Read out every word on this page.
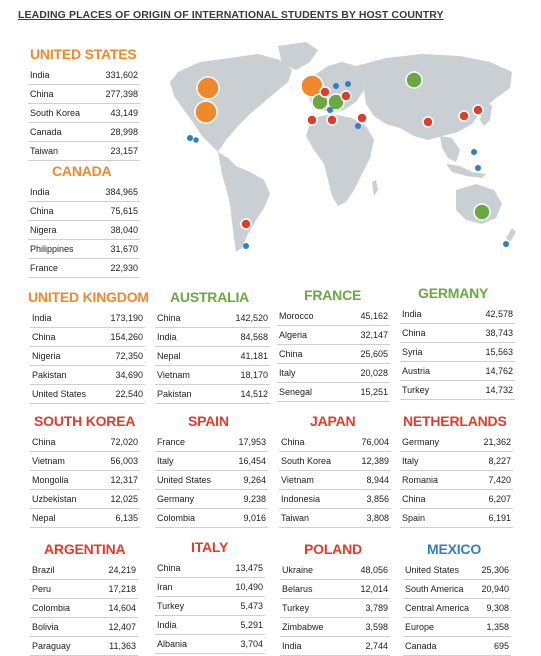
LEADING PLACES OF ORIGIN OF INTERNATIONAL STUDENTS BY HOST COUNTRY
UNITED STATES
India	331,602
China	277,398
South Korea	43,149
Canada	28,998
Taiwan	23,157
CANADA
India	384,965
China	75,615
Nigera	38,040
Philippines	31,670
France	22,930
UNITED KINGDOM
India	173,190
China	154,260
Nigeria	72,350
Pakistan	34,690
United States	22,540
AUSTRALIA
China	142,520
India	84,568
Nepal	41,181
Vietnam	18,170
Pakistan	14,512
FRANCE
Morocco	45,162
Algeria	32,147
China	25,605
Italy	20,028
Senegal	15,251
GERMANY
India	42,578
China	38,743
Syria	15,563
Austria	14,762
Turkey	14,732
SOUTH KOREA
China	72,020
Vietnam	56,003
Mongolia	12,317
Uzbekistan	12,025
Nepal	6,135
SPAIN
France	17,953
Italy	16,454
United States	9,264
Germany	9,238
Colombia	9,016
JAPAN
China	76,004
South Korea	12,389
Vietnam	8,944
Indonesia	3,856
Taiwan	3,808
NETHERLANDS
Germany	21,362
Italy	8,227
Romania	7,420
China	6,207
Spain	6,191
ARGENTINA
Brazil	24,219
Peru	17,218
Colombia	14,604
Bolivia	12,407
Paraguay	11,363
ITALY
China	13,475
Iran	10,490
Turkey	5,473
India	5,291
Albania	3,704
POLAND
Ukraine	48,056
Belarus	12,014
Turkey	3,789
Zimbabwe	3,598
India	2,744
MEXICO
United States 25,306
South America 20,940
Central America 9,308
Europe	1,358
Canada	695
